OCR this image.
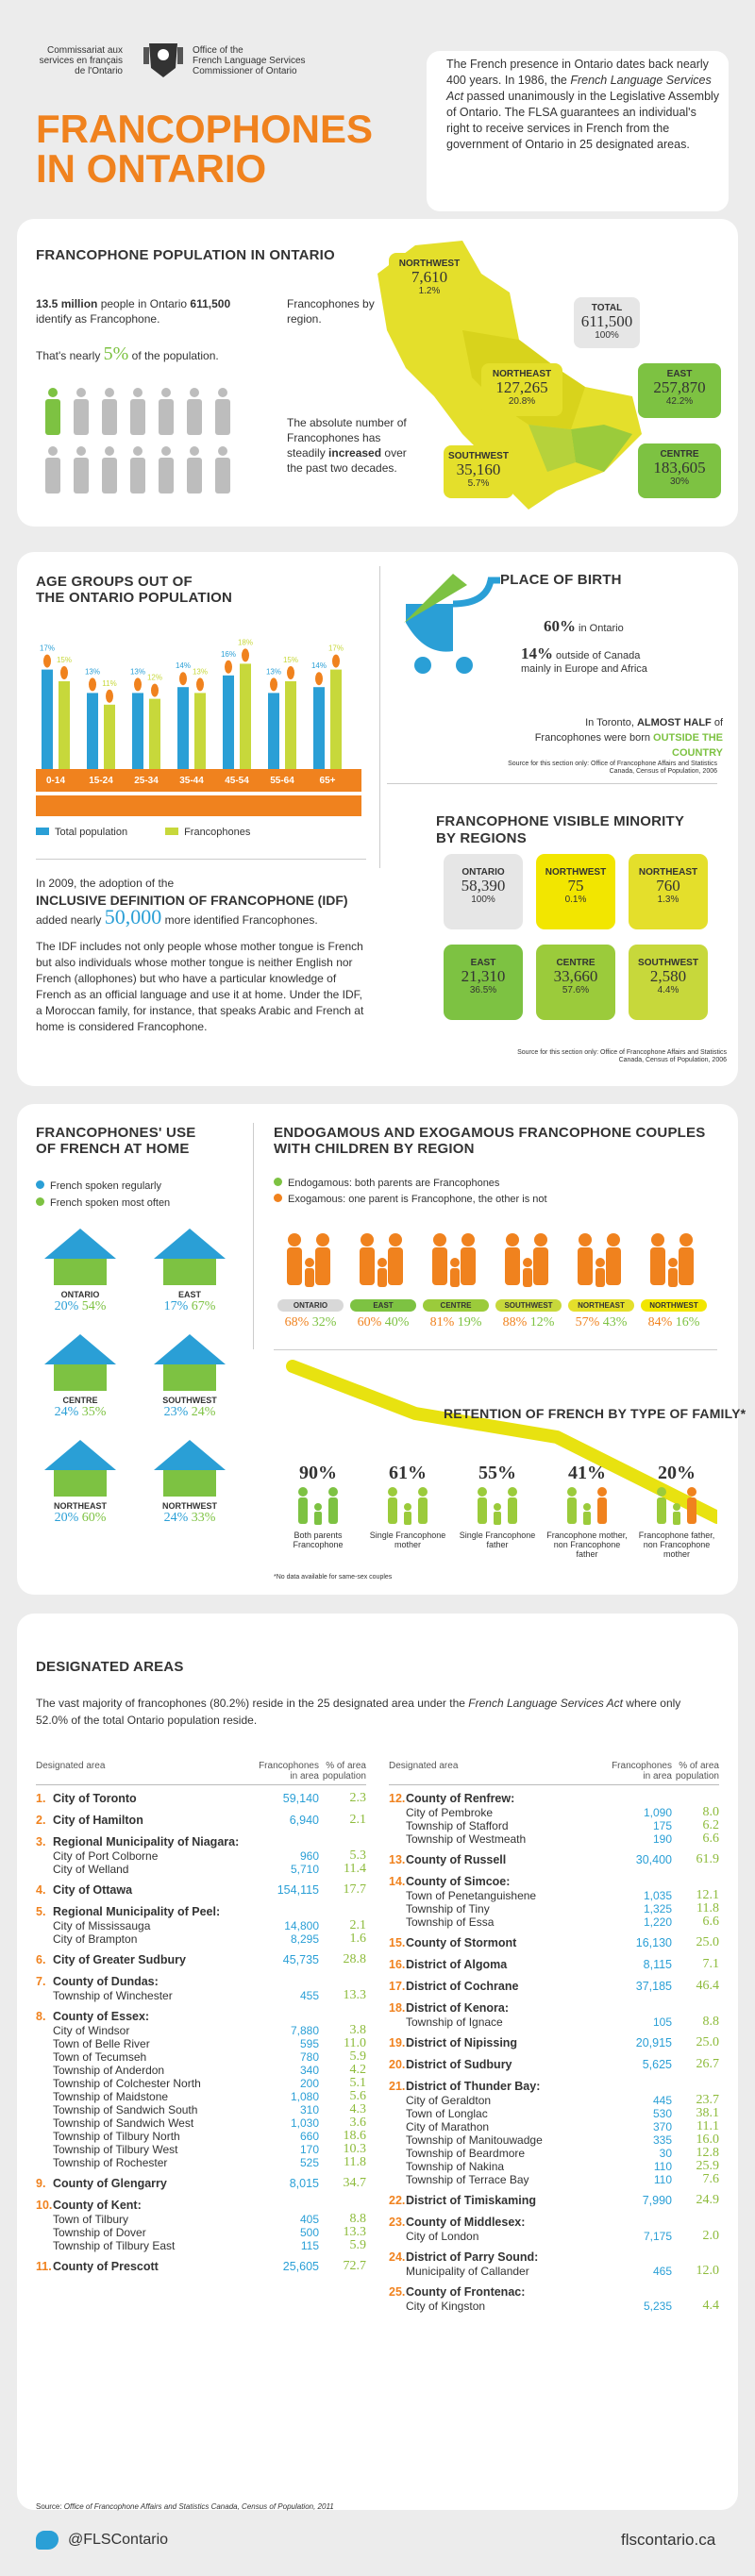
Commissariat aux
services en français
de l'Ontario
Office of the
French Language Services
Commissioner of Ontario
FRANCOPHONES
IN ONTARIO
The French presence in Ontario dates back nearly 400 years. In 1986, the French Language Services Act passed unanimously in the Legislative Assembly of Ontario. The FLSA guarantees an individual's right to receive services in French from the government of Ontario in 25 designated areas.
FRANCOPHONE POPULATION IN ONTARIO
13.5 million people in Ontario 611,500 identify as Francophone.
That's nearly 5% of the population.
Francophones by region.
The absolute number of Francophones has steadily increased over the past two decades.
NORTHWEST
7,610
1.2%
NORTHEAST
127,265
20.8%
TOTAL
611,500
100%
EAST
257,870
42.2%
SOUTHWEST
35,160
5.7%
CENTRE
183,605
30%
AGE GROUPS OUT OF
THE ONTARIO POPULATION
17%
15%
0-14
13%
11%
15-24
13%
12%
25-34
14%
13%
35-44
16%
18%
45-54
13%
15%
55-64
14%
17%
65+
Total population	Francophones
In 2009, the adoption of the
INCLUSIVE DEFINITION OF FRANCOPHONE (IDF)
added nearly 50,000 more identified Francophones.
The IDF includes not only people whose mother tongue is French but also individuals whose mother tongue is neither English nor French (allophones) but who have a particular knowledge of French as an official language and use it at home. Under the IDF, a Moroccan family, for instance, that speaks Arabic and French at home is considered Francophone.
PLACE OF BIRTH
60% in Ontario
14% outside of Canada
mainly in Europe and Africa
In Toronto, ALMOST HALF of Francophones were born OUTSIDE THE COUNTRY
Source for this section only: Office of Francophone Affairs and Statistics Canada, Census of Population, 2006
FRANCOPHONE VISIBLE MINORITY
BY REGIONS
ONTARIO
58,390
100%
NORTHWEST
75
0.1%
NORTHEAST
760
1.3%
EAST
21,310
36.5%
CENTRE
33,660
57.6%
SOUTHWEST
2,580
4.4%
Source for this section only: Office of Francophone Affairs and Statistics Canada, Census of Population, 2006
FRANCOPHONES' USE
OF FRENCH AT HOME
French spoken regularly
French spoken most often
ONTARIO
20% 54%
EAST
17% 67%
CENTRE
24% 35%
SOUTHWEST
23% 24%
NORTHEAST
20% 60%
NORTHWEST
24% 33%
ENDOGAMOUS AND EXOGAMOUS FRANCOPHONE COUPLES
WITH CHILDREN BY REGION
Endogamous: both parents are Francophones
Exogamous: one parent is Francophone, the other is not
ONTARIO
68% 32%
EAST
60% 40%
CENTRE
81% 19%
SOUTHWEST
88% 12%
NORTHEAST
57% 43%
NORTHWEST
84% 16%
RETENTION OF FRENCH BY TYPE OF FAMILY*
90%
Both parents Francophone
61%
Single Francophone mother
55%
Single Francophone father
41%
Francophone mother, non Francophone father
20%
Francophone father, non Francophone mother
*No data available for same-sex couples
DESIGNATED AREAS
The vast majority of francophones (80.2%) reside in the 25 designated area under the French Language Services Act where only 52.0% of the total Ontario population reside.
Designated area	Francophones in area
% of area population
1. City of Toronto	59,140	2.3
2. City of Hamilton	6,940	2.1
3. Regional Municipality of Niagara:
City of Port Colborne	960	5.3
City of Welland	5,710	11.4
4. City of Ottawa	154,115	17.7
5. Regional Municipality of Peel:
City of Mississauga	14,800	2.1
City of Brampton	8,295	1.6
6. City of Greater Sudbury	45,735	28.8
7. County of Dundas:
Township of Winchester	455	13.3
8. County of Essex:
City of Windsor	7,880	3.8
Town of Belle River	595	11.0
Town of Tecumseh	780	5.9
Township of Anderdon	340	4.2
Township of Colchester North	200	5.1
Township of Maidstone	1,080	5.6
Township of Sandwich South	310	4.3
Township of Sandwich West	1,030	3.6
Township of Tilbury North	660	18.6
Township of Tilbury West	170	10.3
Township of Rochester	525	11.8
9. County of Glengarry	8,015	34.7
10. County of Kent:
Town of Tilbury	405	8.8
Township of Dover	500	13.3
Township of Tilbury East	115	5.9
11. County of Prescott	25,605	72.7
Designated area	Francophones in area
% of area population
12. County of Renfrew:
City of Pembroke	1,090	8.0
Township of Stafford	175	6.2
Township of Westmeath	190	6.6
13. County of Russell	30,400	61.9
14. County of Simcoe:
Town of Penetanguishene	1,035	12.1
Township of Tiny	1,325	11.8
Township of Essa	1,220	6.6
15. County of Stormont	16,130	25.0
16. District of Algoma	8,115	7.1
17. District of Cochrane	37,185	46.4
18. District of Kenora:
Township of Ignace	105	8.8
19. District of Nipissing	20,915	25.0
20. District of Sudbury	5,625	26.7
21. District of Thunder Bay:
City of Geraldton	445	23.7
Town of Longlac	530	38.1
City of Marathon	370	11.1
Township of Manitouwadge	335	16.0
Township of Beardmore	30	12.8
Township of Nakina	110	25.9
Township of Terrace Bay	110	7.6
22. District of Timiskaming	7,990	24.9
23. County of Middlesex:
City of London	7,175	2.0
24. District of Parry Sound:
Municipality of Callander	465	12.0
25. County of Frontenac:
City of Kingston	5,235	4.4
Source: Office of Francophone Affairs and Statistics Canada, Census of Population, 2011
@FLSContario	flscontario.ca
